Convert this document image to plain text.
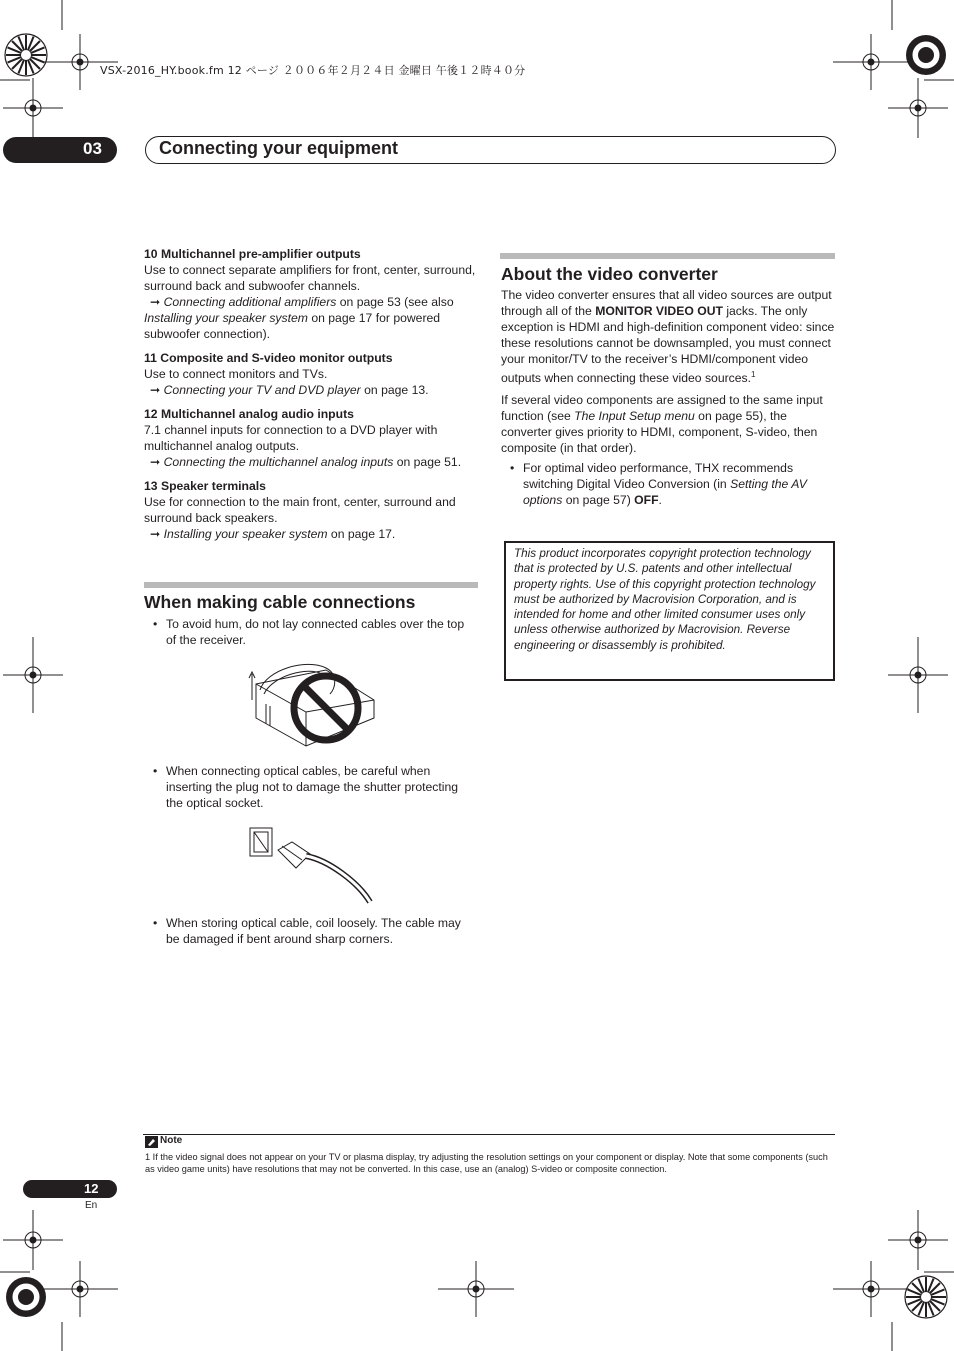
VSX-2016_HY.book.fm 12 ページ ２００６年２月２４日 金曜日 午後１２時４０分
03	Connecting your equipment

10 Multichannel pre-amplifier outputs

Use to connect separate amplifiers for front, center, surround, surround back and subwoofer channels.

➞ Connecting additional amplifiers on page 53 (see also

Installing your speaker system on page 17 for powered subwoofer connection).

11 Composite and S-video monitor outputs

Use to connect monitors and TVs.

➞ Connecting your TV and DVD player on page 13.

12 Multichannel analog audio inputs

7.1 channel inputs for connection to a DVD player with multichannel analog outputs.

➞ Connecting the multichannel analog inputs on page 51.

13 Speaker terminals

Use for connection to the main front, center, surround and surround back speakers.

➞ Installing your speaker system on page 17.

When making cable connections

• To avoid hum, do not lay connected cables over the top of the receiver.

• When connecting optical cables, be careful when inserting the plug not to damage the shutter protecting the optical socket.

• When storing optical cable, coil loosely. The cable may be damaged if bent around sharp corners.

About the video converter

The video converter ensures that all video sources are output through all of the MONITOR VIDEO OUT jacks. The only exception is HDMI and high-definition component video: since these resolutions cannot be downsampled, you must connect your monitor/TV to the receiver’s HDMI/component video outputs when connecting these video sources.$^1$

If several video components are assigned to the same input function (see The Input Setup menu on page 55), the converter gives priority to HDMI, component, S-video, then composite (in that order).

• For optimal video performance, THX recommends switching Digital Video Conversion (in Setting the AV options on page 57) OFF.

This product incorporates copyright protection technology that is protected by U.S. patents and other intellectual property rights. Use of this copyright protection technology must be authorized by Macrovision Corporation, and is intended for home and other limited consumer uses only unless otherwise authorized by Macrovision. Reverse engineering or disassembly is prohibited.
Note
1 If the video signal does not appear on your TV or plasma display, try adjusting the resolution settings on your component or display. Note that some components (such as video game units) have resolutions that may not be converted. In this case, use an (analog) S-video or composite connection.
12
En
